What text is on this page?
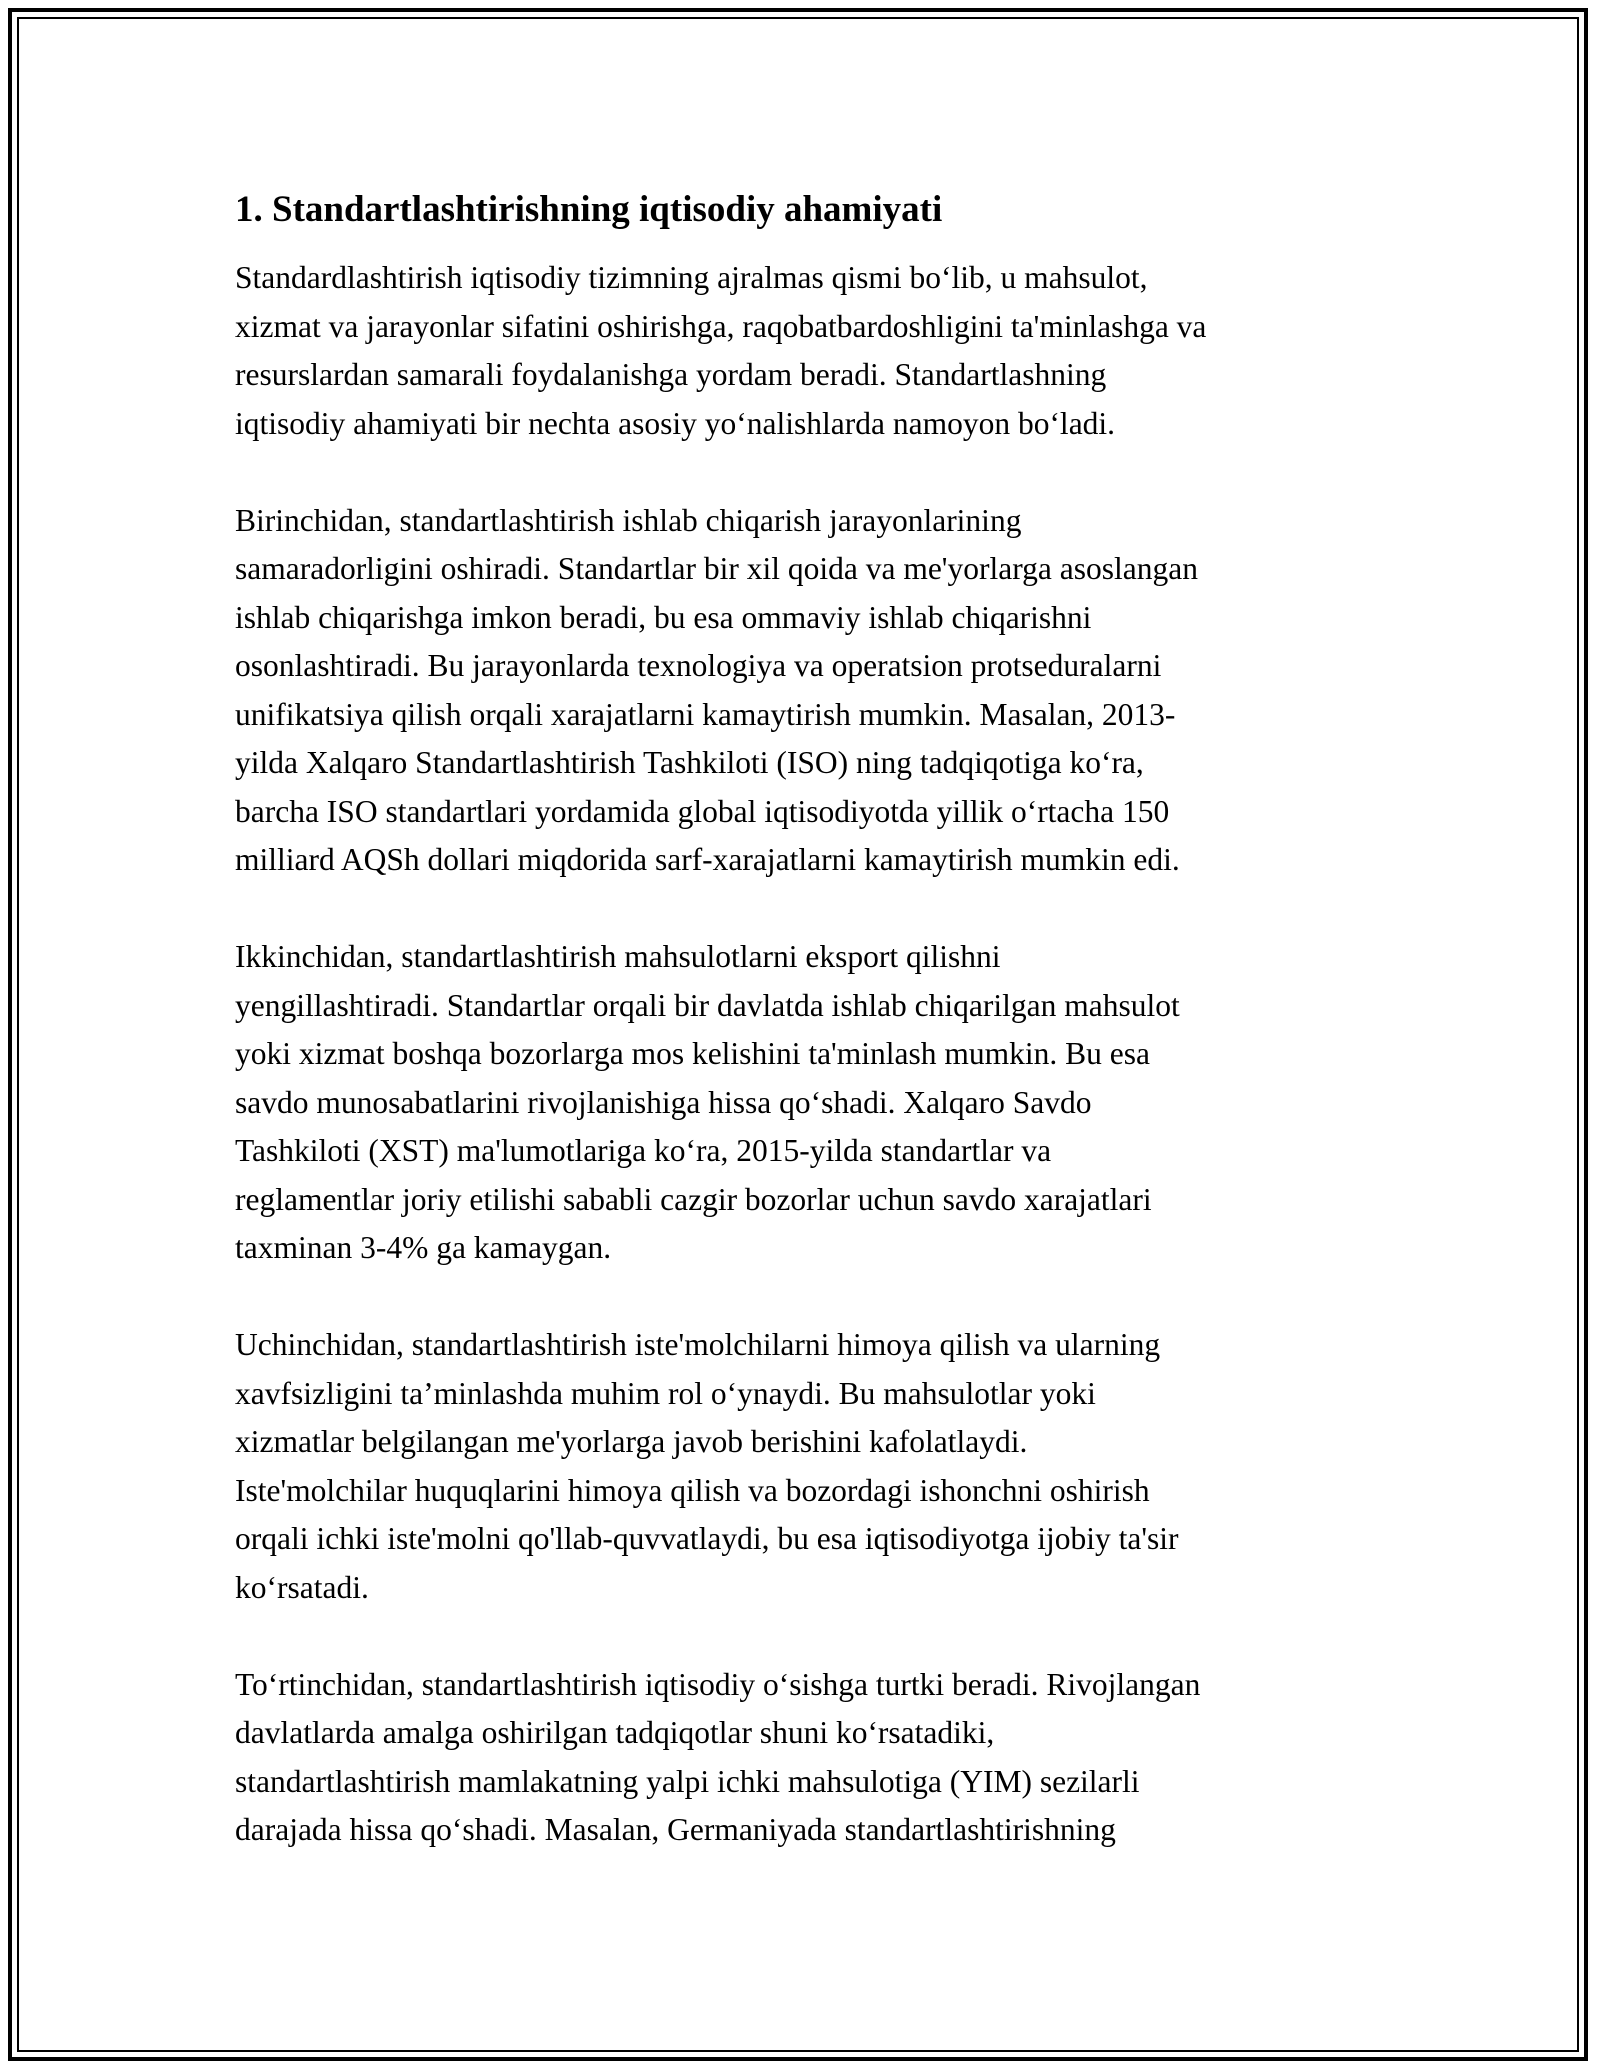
1. Standartlashtirishning iqtisodiy ahamiyati

Standardlashtirish iqtisodiy tizimning ajralmas qismi bo‘lib, u mahsulot,
xizmat va jarayonlar sifatini oshirishga, raqobatbardoshligini ta'minlashga va
resurslardan samarali foydalanishga yordam beradi. Standartlashning
iqtisodiy ahamiyati bir nechta asosiy yo‘nalishlarda namoyon bo‘ladi.

Birinchidan, standartlashtirish ishlab chiqarish jarayonlarining
samaradorligini oshiradi. Standartlar bir xil qoida va me'yorlarga asoslangan
ishlab chiqarishga imkon beradi, bu esa ommaviy ishlab chiqarishni
osonlashtiradi. Bu jarayonlarda texnologiya va operatsion protseduralarni
unifikatsiya qilish orqali xarajatlarni kamaytirish mumkin. Masalan, 2013-
yilda Xalqaro Standartlashtirish Tashkiloti (ISO) ning tadqiqotiga ko‘ra,
barcha ISO standartlari yordamida global iqtisodiyotda yillik o‘rtacha 150
milliard AQSh dollari miqdorida sarf-xarajatlarni kamaytirish mumkin edi.

Ikkinchidan, standartlashtirish mahsulotlarni eksport qilishni
yengillashtiradi. Standartlar orqali bir davlatda ishlab chiqarilgan mahsulot
yoki xizmat boshqa bozorlarga mos kelishini ta'minlash mumkin. Bu esa
savdo munosabatlarini rivojlanishiga hissa qo‘shadi. Xalqaro Savdo
Tashkiloti (XST) ma'lumotlariga ko‘ra, 2015-yilda standartlar va
reglamentlar joriy etilishi sababli cazgir bozorlar uchun savdo xarajatlari
taxminan 3-4% ga kamaygan.

Uchinchidan, standartlashtirish iste'molchilarni himoya qilish va ularning
xavfsizligini ta’minlashda muhim rol o‘ynaydi. Bu mahsulotlar yoki
xizmatlar belgilangan me'yorlarga javob berishini kafolatlaydi.
Iste'molchilar huquqlarini himoya qilish va bozordagi ishonchni oshirish
orqali ichki iste'molni qo'llab-quvvatlaydi, bu esa iqtisodiyotga ijobiy ta'sir
ko‘rsatadi.

To‘rtinchidan, standartlashtirish iqtisodiy o‘sishga turtki beradi. Rivojlangan
davlatlarda amalga oshirilgan tadqiqotlar shuni ko‘rsatadiki,
standartlashtirish mamlakatning yalpi ichki mahsulotiga (YIM) sezilarli
darajada hissa qo‘shadi. Masalan, Germaniyada standartlashtirishning
